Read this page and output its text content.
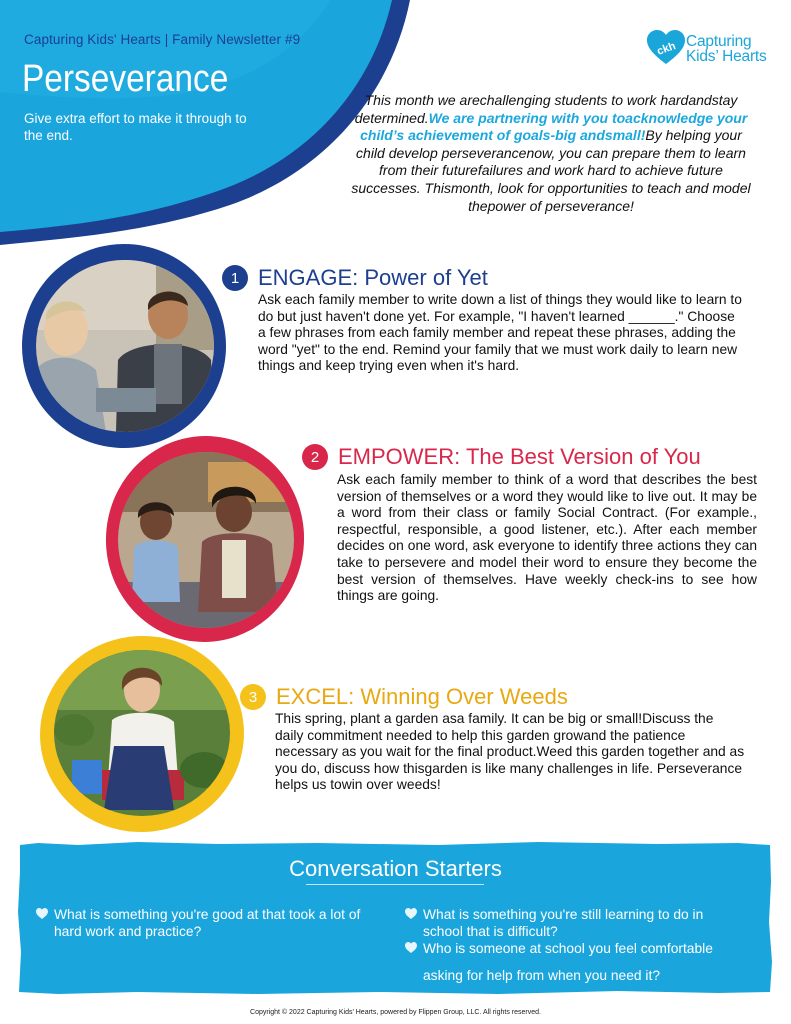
Capturing Kids' Hearts | Family Newsletter #9
Perseverance
Give extra effort to make it through to the end.
ckh Capturing
Kids’ Hearts
This month we arechallenging students to work hardandstay determined.We are partnering with you toacknowledge your child’s achievement of goals-big andsmall!By helping your child develop perseverancenow, you can prepare them to learn from their futurefailures and work hard to achieve future successes. Thismonth, look for opportunities to teach and model thepower of perseverance!
1 ENGAGE: Power of Yet
Ask each family member to write down a list of things they would like to learn to do but just haven't done yet. For example, "I haven't learned ______." Choose a few phrases from each family member and repeat these phrases, adding the word "yet" to the end. Remind your family that we must work daily to learn new things and keep trying even when it's hard.
2 EMPOWER: The Best Version of You
Ask each family member to think of a word that describes the best version of themselves or a word they would like to live out. It may be a word from their class or family Social Contract. (For example., respectful, responsible, a good listener, etc.). After each member decides on one word, ask everyone to identify three actions they can take to persevere and model their word to ensure they become the best version of themselves. Have weekly check-ins to see how things are going.
3 EXCEL: Winning Over Weeds
This spring, plant a garden asa family. It can be big or small!Discuss the daily commitment needed to help this garden growand the patience necessary as you wait for the final product.Weed this garden together and as you do, discuss how thisgarden is like many challenges in life. Perseverance helps us towin over weeds!
Conversation Starters
What is something you're good at that took a lot of hard work and practice?
What is something you're still learning to do in school that is difficult?
Who is someone at school you feel comfortable
asking for help from when you need it?
Copyright © 2022 Capturing Kids' Hearts, powered by Flippen Group, LLC. All rights reserved.
